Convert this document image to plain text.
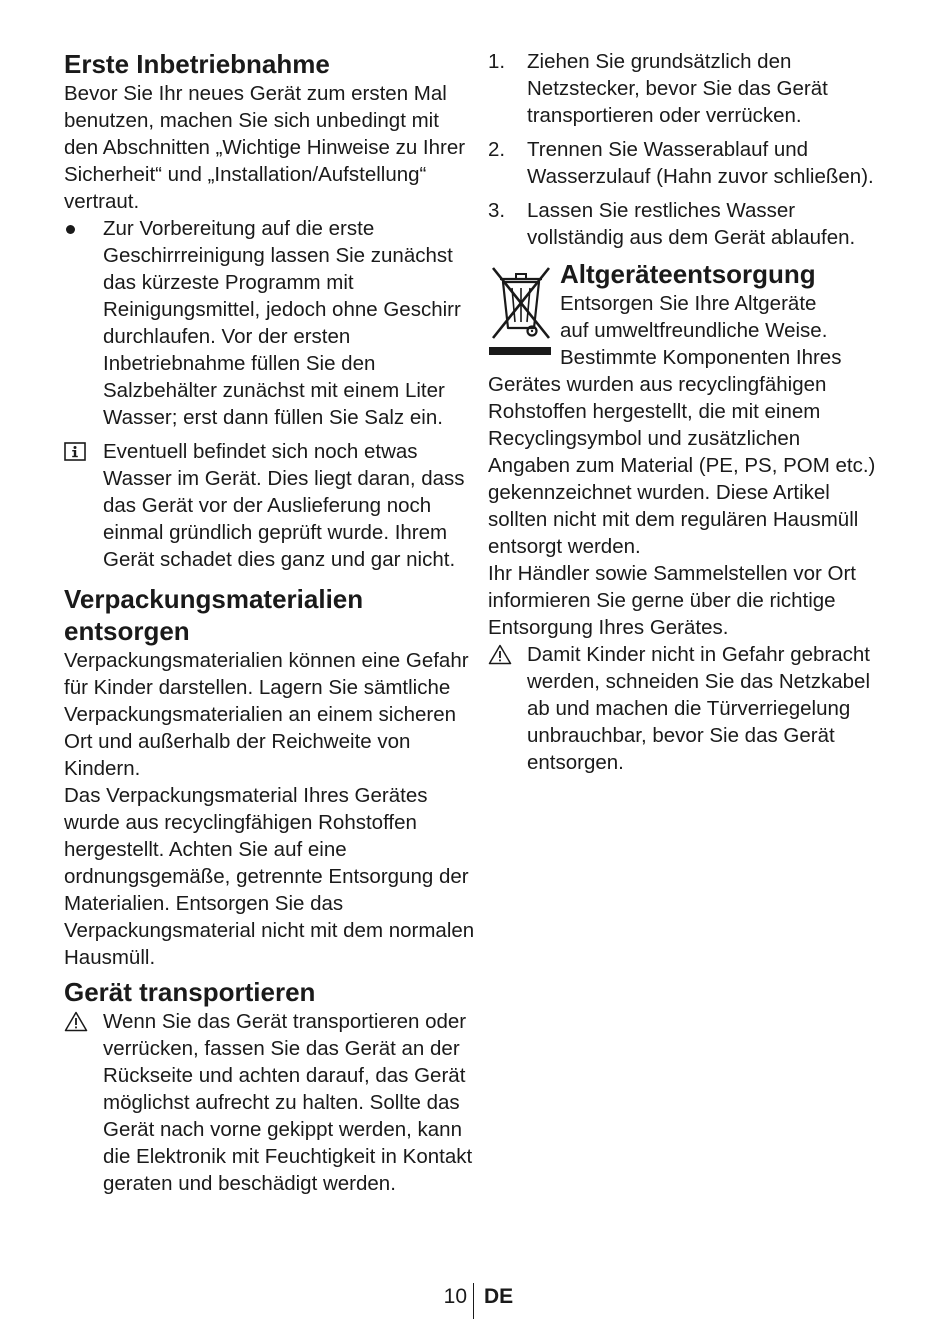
Erste Inbetriebnahme

Bevor Sie Ihr neues Gerät zum ersten Mal benutzen, machen Sie sich unbedingt mit den Abschnitten „Wichtige Hinweise zu Ihrer Sicherheit“ und „Installation/Aufstellung“ vertraut.

Zur Vorbereitung auf die erste Geschirrreinigung lassen Sie zunächst das kürzeste Programm mit Reinigungsmittel, jedoch ohne Geschirr durchlaufen. Vor der ersten Inbetriebnahme füllen Sie den Salzbehälter zunächst mit einem Liter Wasser; erst dann füllen Sie Salz ein.
Eventuell befindet sich noch etwas Wasser im Gerät. Dies liegt daran, dass das Gerät vor der Auslieferung noch einmal gründlich geprüft wurde. Ihrem Gerät schadet dies ganz und gar nicht.
Verpackungsmaterialien entsorgen

Verpackungsmaterialien können eine Gefahr für Kinder darstellen. Lagern Sie sämtliche Verpackungsmaterialien an einem sicheren Ort und außerhalb der Reichweite von Kindern.

Das Verpackungsmaterial Ihres Gerätes wurde aus recyclingfähigen Rohstoffen hergestellt. Achten Sie auf eine ordnungsgemäße, getrennte Entsorgung der Materialien. Entsorgen Sie das Verpackungsmaterial nicht mit dem normalen Hausmüll.

Gerät transportieren
Wenn Sie das Gerät transportieren oder verrücken, fassen Sie das Gerät an der Rückseite und achten darauf, das Gerät möglichst aufrecht zu halten. Sollte das Gerät nach vorne gekippt werden, kann die Elektronik mit Feuchtigkeit in Kontakt geraten und beschädigt werden.
1. Ziehen Sie grundsätzlich den Netzstecker, bevor Sie das Gerät transportieren oder verrücken.
2. Trennen Sie Wasserablauf und Wasserzulauf (Hahn zuvor schließen).
3. Lassen Sie restliches Wasser vollständig aus dem Gerät ablaufen.
Altgeräteentsorgung
Entsorgen Sie Ihre Altgeräte
auf umweltfreundliche Weise.
Bestimmte Komponenten Ihres

Gerätes wurden aus recyclingfähigen Rohstoffen hergestellt, die mit einem Recyclingsymbol und zusätzlichen Angaben zum Material (PE, PS, POM etc.) gekennzeichnet wurden. Diese Artikel sollten nicht mit dem regulären Hausmüll entsorgt werden.

Ihr Händler sowie Sammelstellen vor Ort informieren Sie gerne über die richtige Entsorgung Ihres Gerätes.

Damit Kinder nicht in Gefahr gebracht werden, schneiden Sie das Netzkabel ab und machen die Türverriegelung unbrauchbar, bevor Sie das Gerät entsorgen.
10 DE
